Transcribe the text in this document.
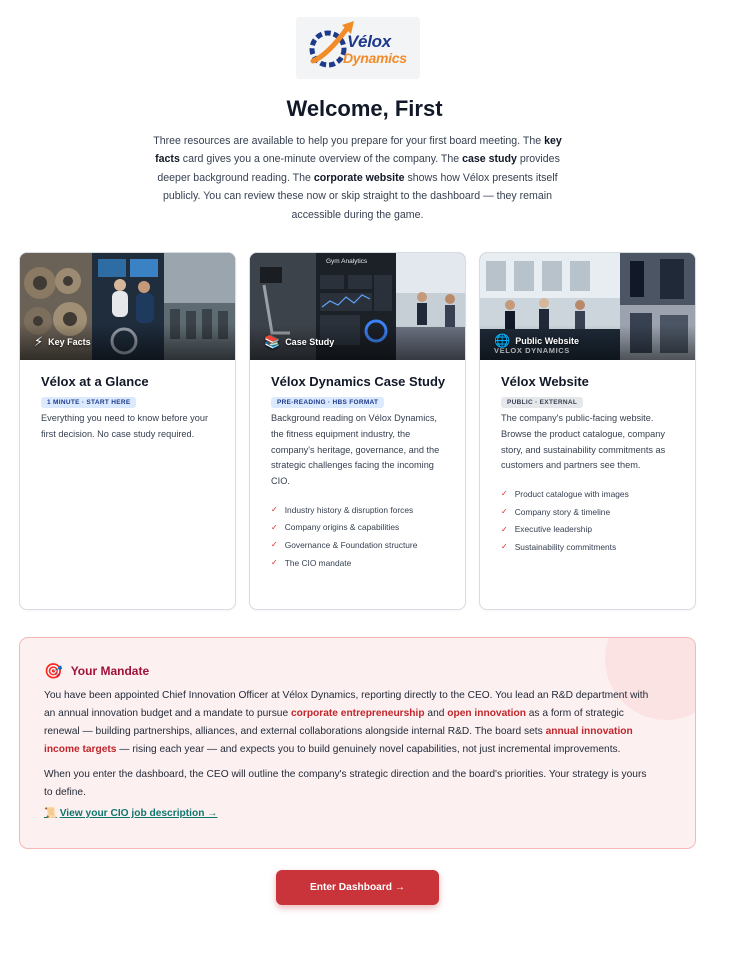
Vélox
Dynamics
Welcome, First

Three resources are available to help you prepare for your first board meeting. The key facts card gives you a one-minute overview of the company. The case study provides deeper background reading. The corporate website shows how Vélox presents itself publicly. You can review these now or skip straight to the dashboard — they remain accessible during the game.

⚡ Key Facts
Vélox at a Glance
1 MINUTE · START HERE
Everything you need to know before your first decision. No case study required.
Gym Analytics
📚 Case Study
Vélox Dynamics Case Study
PRE-READING · HBS FORMAT
Background reading on Vélox Dynamics, the fitness equipment industry, the company's heritage, governance, and the strategic challenges facing the incoming CIO.
✓ Industry history & disruption forces
✓ Company origins & capabilities
✓ Governance & Foundation structure
✓ The CIO mandate
VÉLOX DYNAMICS
🌐 Public Website
Vélox Website
PUBLIC · EXTERNAL
The company's public-facing website. Browse the product catalogue, company story, and sustainability commitments as customers and partners see them.
✓ Product catalogue with images
✓ Company story & timeline
✓ Executive leadership
✓ Sustainability commitments
🎯 Your Mandate

You have been appointed Chief Innovation Officer at Vélox Dynamics, reporting directly to the CEO. You lead an R&D department with an annual innovation budget and a mandate to pursue corporate entrepreneurship and open innovation as a form of strategic renewal — building partnerships, alliances, and external collaborations alongside internal R&D. The board sets annual innovation income targets — rising each year — and expects you to build genuinely novel capabilities, not just incremental improvements.

When you enter the dashboard, the CEO will outline the company's strategic direction and the board's priorities. Your strategy is yours to define.

📜 View your CIO job description →
Enter Dashboard →
